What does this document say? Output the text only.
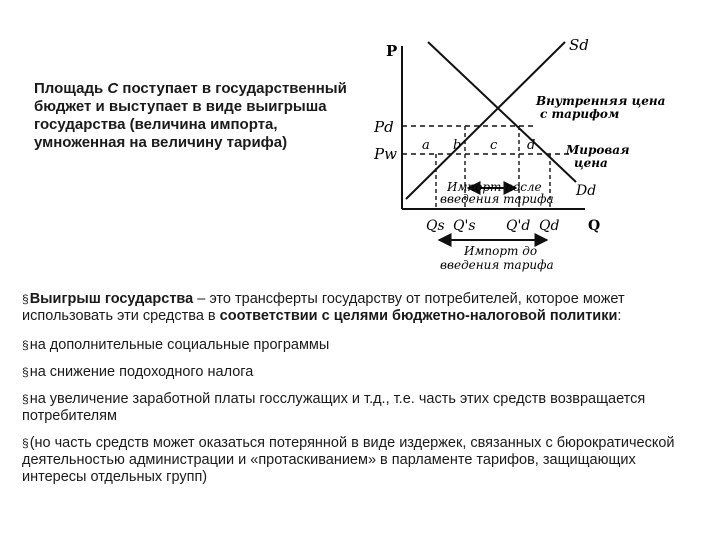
Площадь С поступает в государственный бюджет и выступает в виде выигрыша государства (величина импорта, умноженная на величину тарифа)
P
Q
Sd
Dd
Pd
Pw a b c d
Импорт после
введения тарифа
Внутренняя цена
с тарифом
Мировая
цена
Qs Q's Q'd Qd
Импорт до
введения тарифа

§Выигрыш государства – это трансферты государству от потребителей, которое может использовать эти средства в соответствии с целями бюджетно-налоговой политики:

§на дополнительные социальные программы

§на снижение подоходного налога

§на увеличение заработной платы госслужащих и т.д., т.е. часть этих средств возвращается потребителям

§(но часть средств может оказаться потерянной в виде издержек, связанных с бюрократической деятельностью администрации и «протаскиванием» в парламенте тарифов, защищающих интересы отдельных групп)
